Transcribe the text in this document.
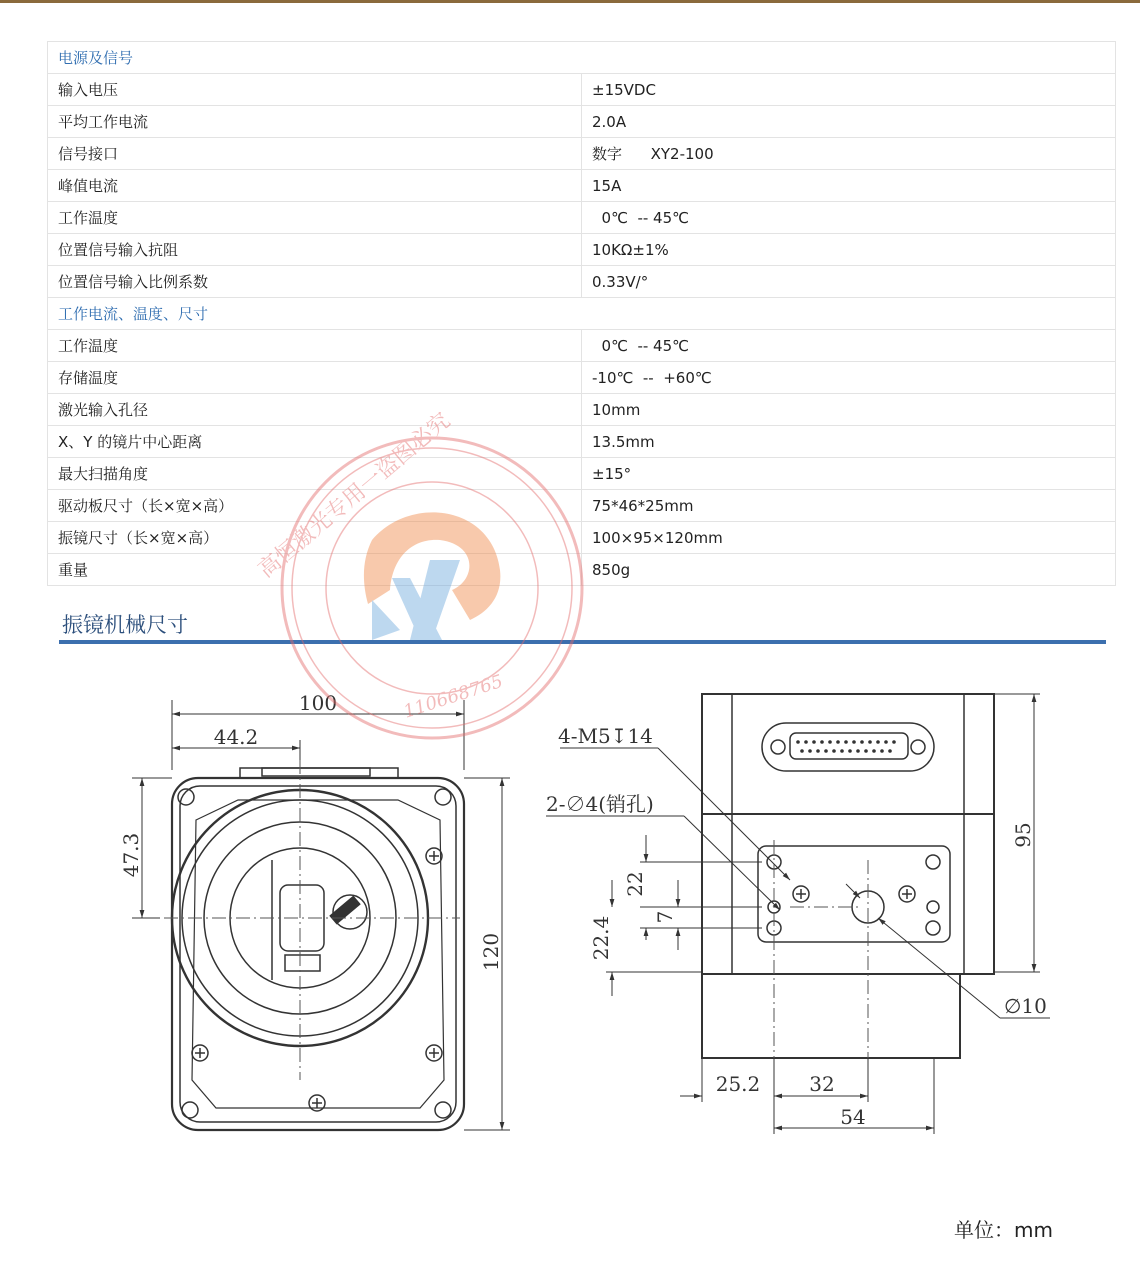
电源及信号	
输入电压	±15VDC
平均工作电流	2.0A
信号接口	数字      XY2-100
峰值电流	15A
工作温度	0℃  -- 45℃
位置信号输入抗阻	10KΩ±1%
位置信号输入比例系数	0.33V/°
工作电流、温度、尺寸	
工作温度	0℃  -- 45℃
存储温度	-10℃  --  +60℃
激光输入孔径	10mm
X、Y 的镜片中心距离	13.5mm
最大扫描角度	±15°
驱动板尺寸（长×宽×高）	75*46*25mm
振镜尺寸（长×宽×高）	100×95×120mm
重量	850g
振镜机械尺寸
100
44.2
47.3
120
95
22
7
22.4
25.2 32
54
4-M5↧14
2-∅4(销孔)
∅10
高恒激光专用一盗图必究
110668765
单位：mm
